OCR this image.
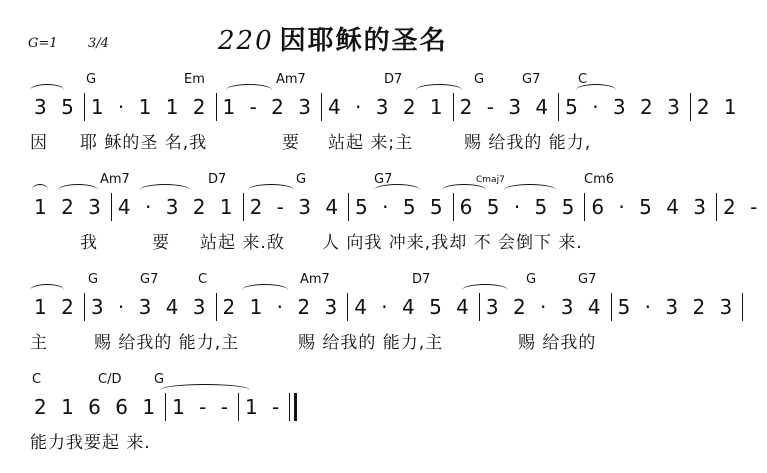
G=1 3/4	220 因耶稣的圣名
G	Em	Am7	D7	G	G7	C
3 5 1 · 1 1 2 1 - 2 3 4 · 3 2 1 2 - 3 4 5 · 3 2 3 2 1
因 耶 稣的圣 名,我	要 站起 来;主	赐 给我的 能力,
Am7	D7	G	G7	Cmaj7	Cm6
1 2 3 4 · 3 2 1 2 - 3 4 5 · 5 5 6 5 · 5 5 6 · 5 4 3 2 -
我	要 站起 来.敌 人 向我 冲来,我却 不 会倒下 来.
G	G7	C	Am7	D7	G	G7
1 2 3 · 3 4 3 2 1 · 2 3 4 · 4 5 4 3 2 · 3 4 5 · 3 2 3
主	赐 给我的 能力,主	赐 给我的 能力,主	赐 给我的
C	C/D	G
2 1 6 6 1 1 - - 1 -
能力我要起 来.
